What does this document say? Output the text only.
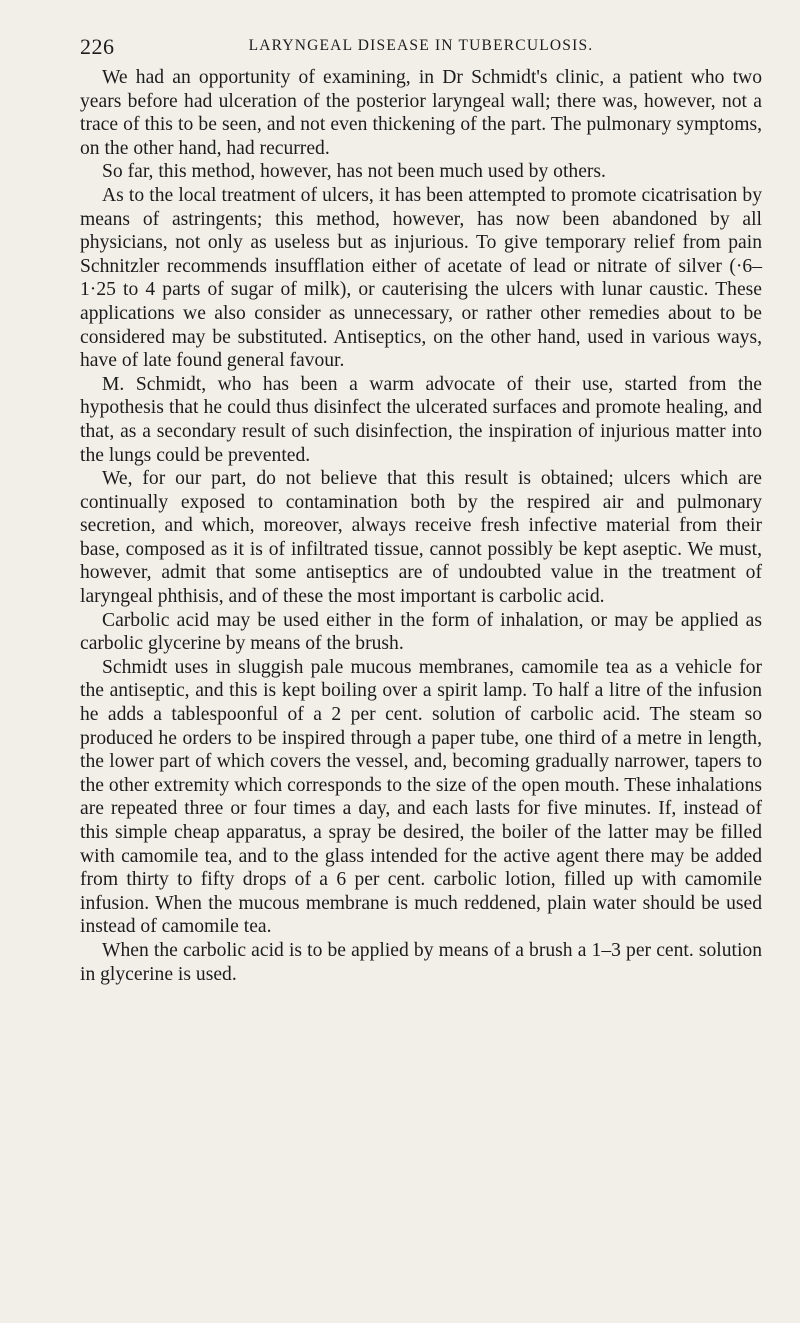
226	LARYNGEAL DISEASE IN TUBERCULOSIS.

We had an opportunity of examining, in Dr Schmidt's clinic, a patient who two years before had ulceration of the posterior laryngeal wall; there was, however, not a trace of this to be seen, and not even thickening of the part. The pulmonary symptoms, on the other hand, had recurred.

So far, this method, however, has not been much used by others.

As to the local treatment of ulcers, it has been attempted to promote cicatrisation by means of astringents; this method, however, has now been abandoned by all physicians, not only as useless but as injurious. To give temporary relief from pain Schnitzler recommends insufflation either of acetate of lead or nitrate of silver (·6–1·25 to 4 parts of sugar of milk), or cauterising the ulcers with lunar caustic. These applications we also consider as unnecessary, or rather other remedies about to be considered may be substituted. Antiseptics, on the other hand, used in various ways, have of late found general favour.

M. Schmidt, who has been a warm advocate of their use, started from the hypothesis that he could thus disinfect the ulcerated surfaces and promote healing, and that, as a secondary result of such disinfection, the inspiration of injurious matter into the lungs could be prevented.

We, for our part, do not believe that this result is obtained; ulcers which are continually exposed to contamination both by the respired air and pulmonary secretion, and which, moreover, always receive fresh infective material from their base, composed as it is of infiltrated tissue, cannot possibly be kept aseptic. We must, however, admit that some antiseptics are of undoubted value in the treatment of laryngeal phthisis, and of these the most important is carbolic acid.

Carbolic acid may be used either in the form of inhalation, or may be applied as carbolic glycerine by means of the brush.

Schmidt uses in sluggish pale mucous membranes, camomile tea as a vehicle for the antiseptic, and this is kept boiling over a spirit lamp. To half a litre of the infusion he adds a tablespoonful of a 2 per cent. solution of carbolic acid. The steam so produced he orders to be inspired through a paper tube, one third of a metre in length, the lower part of which covers the vessel, and, becoming gradually narrower, tapers to the other extremity which corresponds to the size of the open mouth. These inhalations are repeated three or four times a day, and each lasts for five minutes. If, instead of this simple cheap apparatus, a spray be desired, the boiler of the latter may be filled with camomile tea, and to the glass intended for the active agent there may be added from thirty to fifty drops of a 6 per cent. carbolic lotion, filled up with camomile infusion. When the mucous membrane is much reddened, plain water should be used instead of camomile tea.

When the carbolic acid is to be applied by means of a brush a 1–3 per cent. solution in glycerine is used.
